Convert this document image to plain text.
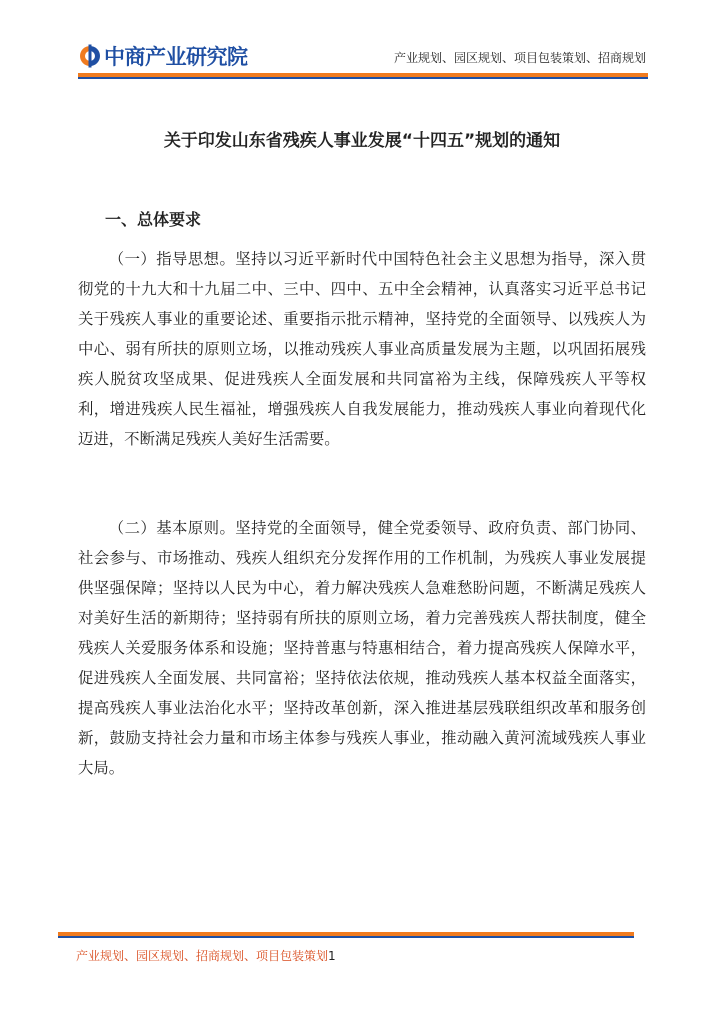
中商产业研究院	产业规划、园区规划、项目包装策划、招商规划
关于印发山东省残疾人事业发展“十四五”规划的通知
一、总体要求
（一）指导思想。坚持以习近平新时代中国特色社会主义思想为指导，深入贯彻党的十九大和十九届二中、三中、四中、五中全会精神，认真落实习近平总书记关于残疾人事业的重要论述、重要指示批示精神，坚持党的全面领导、以残疾人为中心、弱有所扶的原则立场，以推动残疾人事业高质量发展为主题，以巩固拓展残疾人脱贫攻坚成果、促进残疾人全面发展和共同富裕为主线，保障残疾人平等权利，增进残疾人民生福祉，增强残疾人自我发展能力，推动残疾人事业向着现代化迈进，不断满足残疾人美好生活需要。
（二）基本原则。坚持党的全面领导，健全党委领导、政府负责、部门协同、社会参与、市场推动、残疾人组织充分发挥作用的工作机制，为残疾人事业发展提供坚强保障；坚持以人民为中心，着力解决残疾人急难愁盼问题，不断满足残疾人对美好生活的新期待；坚持弱有所扶的原则立场，着力完善残疾人帮扶制度，健全残疾人关爱服务体系和设施；坚持普惠与特惠相结合，着力提高残疾人保障水平，促进残疾人全面发展、共同富裕；坚持依法依规，推动残疾人基本权益全面落实，提高残疾人事业法治化水平；坚持改革创新，深入推进基层残联组织改革和服务创新，鼓励支持社会力量和市场主体参与残疾人事业，推动融入黄河流域残疾人事业大局。
产业规划、园区规划、招商规划、项目包装策划1
